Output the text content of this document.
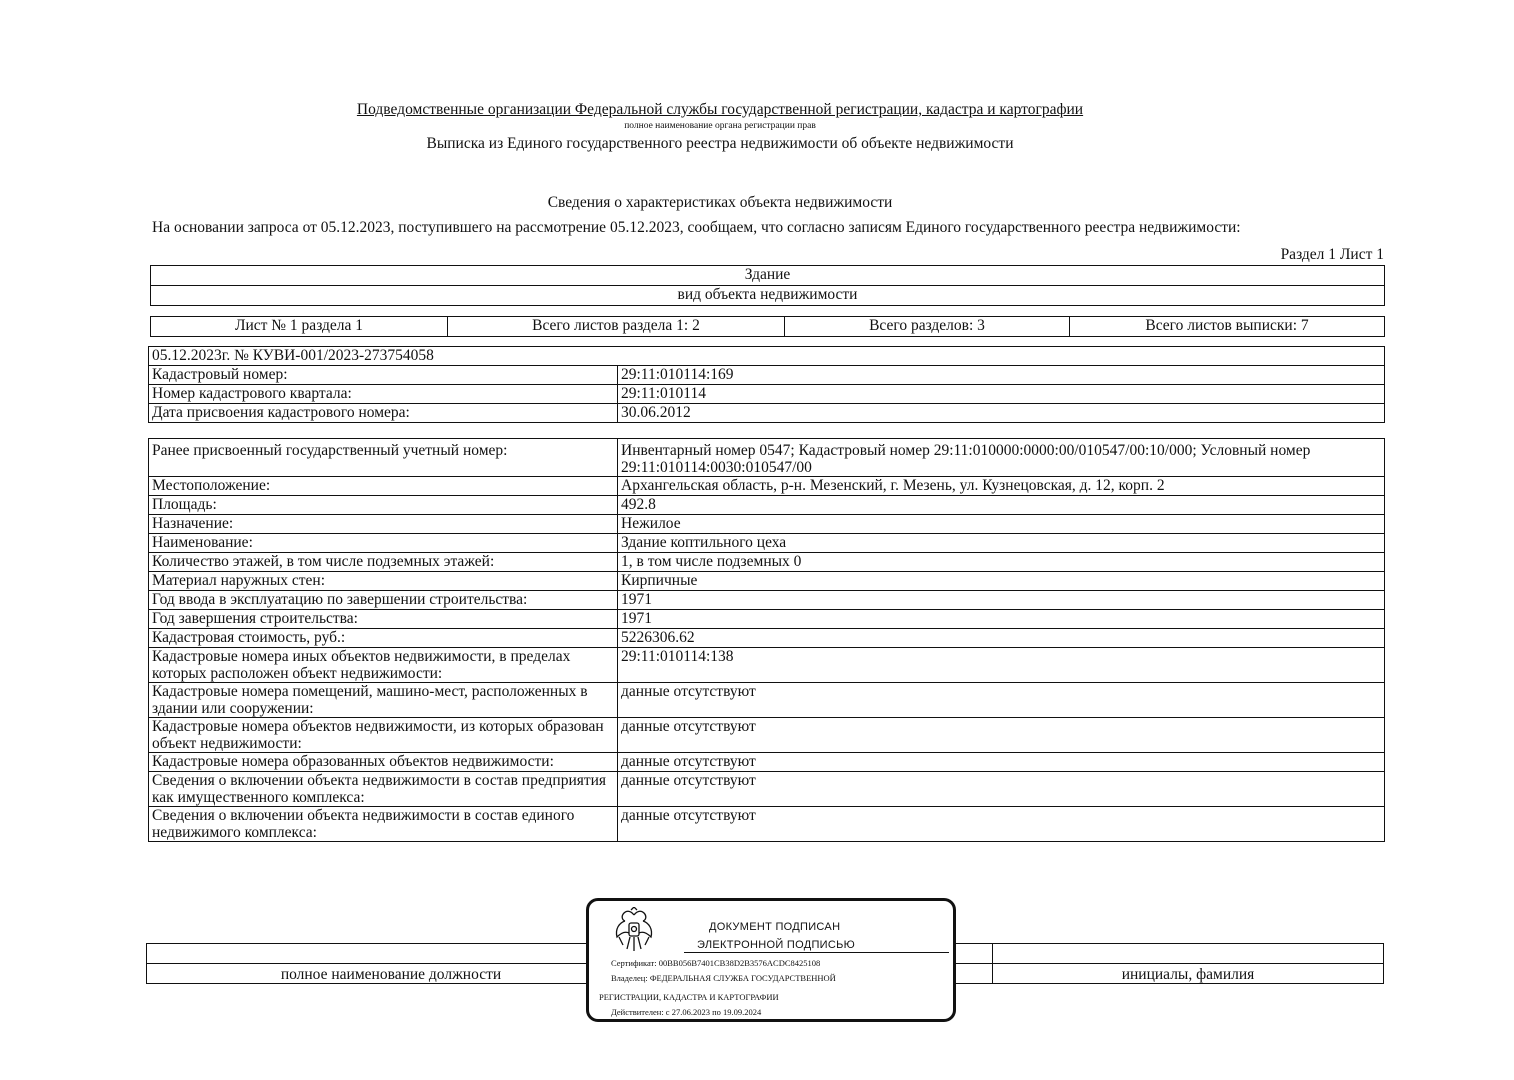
Подведомственные организации Федеральной службы государственной регистрации, кадастра и картографии
полное наименование органа регистрации прав
Выписка из Единого государственного реестра недвижимости об объекте недвижимости
Сведения о характеристиках объекта недвижимости
На основании запроса от 05.12.2023, поступившего на рассмотрение 05.12.2023, сообщаем, что согласно записям Единого государственного реестра недвижимости:
Раздел 1 Лист 1
Здание
вид объекта недвижимости
Лист № 1 раздела 1	Всего листов раздела 1: 2	Всего разделов: 3	Всего листов выписки: 7
05.12.2023г. № КУВИ-001/2023-273754058	
Кадастровый номер:	29:11:010114:169
Номер кадастрового квартала:	29:11:010114
Дата присвоения кадастрового номера:	30.06.2012
Ранее присвоенный государственный учетный номер:	Инвентарный номер 0547; Кадастровый номер 29:11:010000:0000:00/010547/00:10/000; Условный номер 29:11:010114:0030:010547/00
Местоположение:	Архангельская область, р-н. Мезенский, г. Мезень, ул. Кузнецовская, д. 12, корп. 2
Площадь:	492.8
Назначение:	Нежилое
Наименование:	Здание коптильного цеха
Количество этажей, в том числе подземных этажей:	1, в том числе подземных 0
Материал наружных стен:	Кирпичные
Год ввода в эксплуатацию по завершении строительства:	1971
Год завершения строительства:	1971
Кадастровая стоимость, руб.:	5226306.62
Кадастровые номера иных объектов недвижимости, в пределах которых расположен объект недвижимости:	29:11:010114:138
Кадастровые номера помещений, машино-мест, расположенных в здании или сооружении:	данные отсутствуют
Кадастровые номера объектов недвижимости, из которых образован объект недвижимости:	данные отсутствуют
Кадастровые номера образованных объектов недвижимости:	данные отсутствуют
Сведения о включении объекта недвижимости в состав предприятия как имущественного комплекса:	данные отсутствуют
Сведения о включении объекта недвижимости в состав единого недвижимого комплекса:	данные отсутствуют

полное наименование должности		инициалы, фамилия
ДОКУМЕНТ ПОДПИСАН
ЭЛЕКТРОННОЙ ПОДПИСЬЮ
Сертификат: 00BB056B7401CB38D2B3576ACDC8425108
Владелец: ФЕДЕРАЛЬНАЯ СЛУЖБА ГОСУДАРСТВЕННОЙ
РЕГИСТРАЦИИ, КАДАСТРА И КАРТОГРАФИИ
Действителен: с 27.06.2023 по 19.09.2024
